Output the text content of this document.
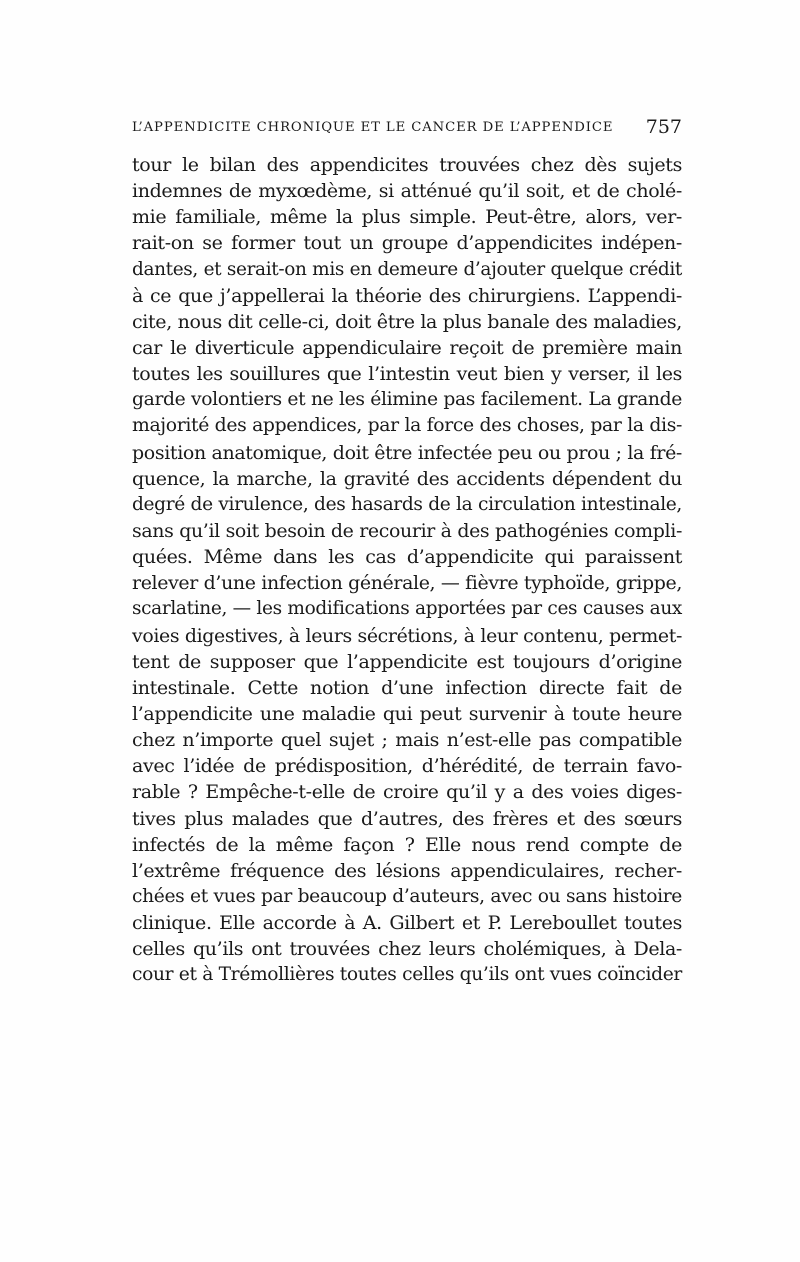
L’APPENDICITE CHRONIQUE ET LE CANCER DE L’APPENDICE 757
tour le bilan des appendicites trouvées chez dès sujets
indemnes de myxœdème, si atténué qu’il soit, et de cholé-
mie familiale, même la plus simple. Peut-être, alors, ver-
rait-on se former tout un groupe d’appendicites indépen-
dantes, et serait-on mis en demeure d’ajouter quelque crédit
à ce que j’appellerai la théorie des chirurgiens. L’appendi-
cite, nous dit celle-ci, doit être la plus banale des maladies,
car le diverticule appendiculaire reçoit de première main
toutes les souillures que l’intestin veut bien y verser, il les
garde volontiers et ne les élimine pas facilement. La grande
majorité des appendices, par la force des choses, par la dis-
position anatomique, doit être infectée peu ou prou ; la fré-
quence, la marche, la gravité des accidents dépendent du
degré de virulence, des hasards de la circulation intestinale,
sans qu’il soit besoin de recourir à des pathogénies compli-
quées. Même dans les cas d’appendicite qui paraissent
relever d’une infection générale, — fièvre typhoïde, grippe,
scarlatine, — les modifications apportées par ces causes aux
voies digestives, à leurs sécrétions, à leur contenu, permet-
tent de supposer que l’appendicite est toujours d’origine
intestinale. Cette notion d’une infection directe fait de
l’appendicite une maladie qui peut survenir à toute heure
chez n’importe quel sujet ; mais n’est-elle pas compatible
avec l’idée de prédisposition, d’hérédité, de terrain favo-
rable ? Empêche-t-elle de croire qu’il y a des voies diges-
tives plus malades que d’autres, des frères et des sœurs
infectés de la même façon ? Elle nous rend compte de
l’extrême fréquence des lésions appendiculaires, recher-
chées et vues par beaucoup d’auteurs, avec ou sans histoire
clinique. Elle accorde à A. Gilbert et P. Lereboullet toutes
celles qu’ils ont trouvées chez leurs cholémiques, à Dela-
cour et à Trémollières toutes celles qu’ils ont vues coïncider
